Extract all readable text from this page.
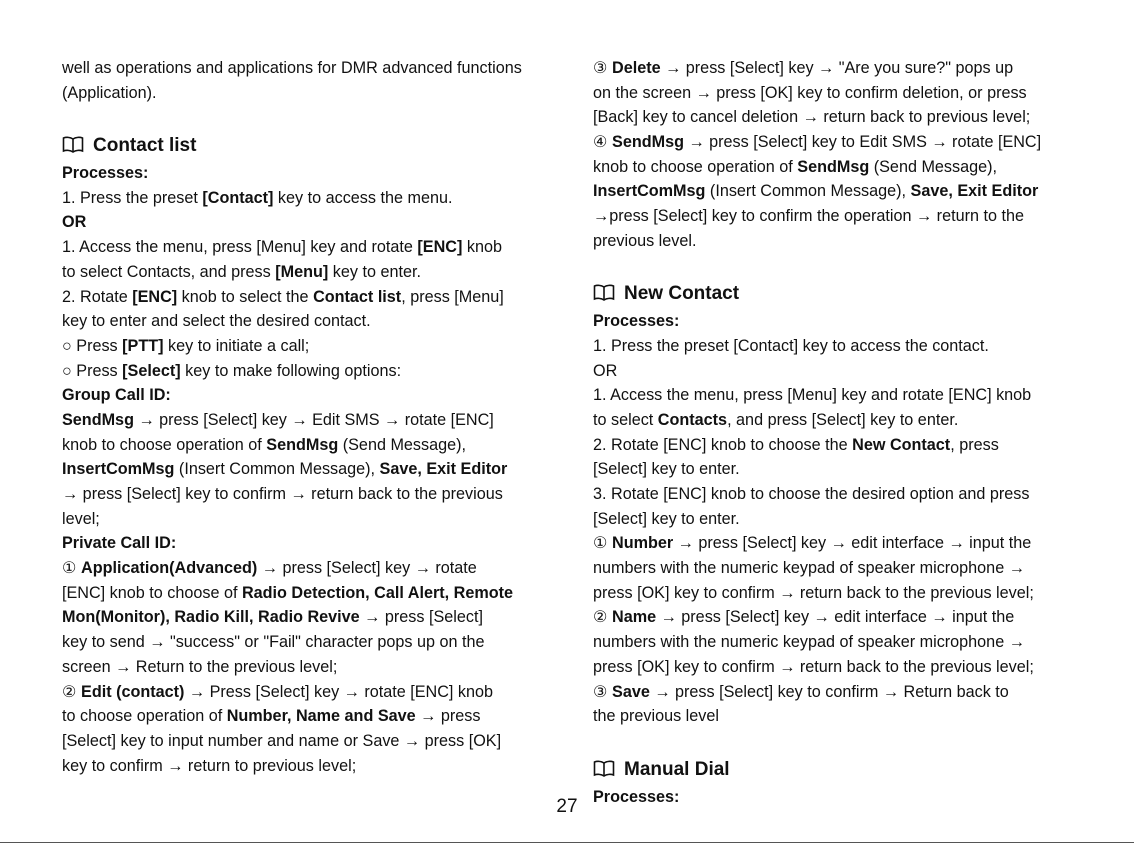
well as operations and applications for DMR advanced functions
(Application).
Contact list
Processes:
1. Press the preset [Contact] key to access the menu.
OR
1. Access the menu, press [Menu] key and rotate [ENC] knob
to select Contacts, and press [Menu] key to enter.
2. Rotate [ENC] knob to select the Contact list, press [Menu]
key to enter and select the desired contact.
○ Press [PTT] key to initiate a call;
○ Press [Select] key to make following options:
Group Call ID:
SendMsg → press [Select] key → Edit SMS → rotate [ENC]
knob to choose operation of SendMsg (Send Message),
InsertComMsg (Insert Common Message), Save, Exit Editor
→ press [Select] key to confirm → return back to the previous
level;
Private Call ID:
① Application(Advanced) → press [Select] key → rotate
[ENC] knob to choose of Radio Detection, Call Alert, Remote
Mon(Monitor), Radio Kill, Radio Revive → press [Select]
key to send → "success" or "Fail" character pops up on the
screen → Return to the previous level;
② Edit (contact) → Press [Select] key → rotate [ENC] knob
to choose operation of Number, Name and Save → press
[Select] key to input number and name or Save → press [OK]
key to confirm → return to previous level;
③ Delete → press [Select] key → "Are you sure?" pops up
on the screen → press [OK] key to confirm deletion, or press
[Back] key to cancel deletion → return back to previous level;
④ SendMsg → press [Select] key to Edit SMS → rotate [ENC]
knob to choose operation of SendMsg (Send Message),
InsertComMsg (Insert Common Message), Save, Exit Editor
→press [Select] key to confirm the operation → return to the
previous level.
New Contact
Processes:
1. Press the preset [Contact] key to access the contact.
OR
1. Access the menu, press [Menu] key and rotate [ENC] knob
to select Contacts, and press [Select] key to enter.
2. Rotate [ENC] knob to choose the New Contact, press
[Select] key to enter.
3. Rotate [ENC] knob to choose the desired option and press
[Select] key to enter.
① Number → press [Select] key → edit interface → input the
numbers with the numeric keypad of speaker microphone →
press [OK] key to confirm → return back to the previous level;
② Name → press [Select] key → edit interface → input the
numbers with the numeric keypad of speaker microphone →
press [OK] key to confirm → return back to the previous level;
③ Save → press [Select] key to confirm → Return back to
the previous level
Manual Dial
Processes:
27
